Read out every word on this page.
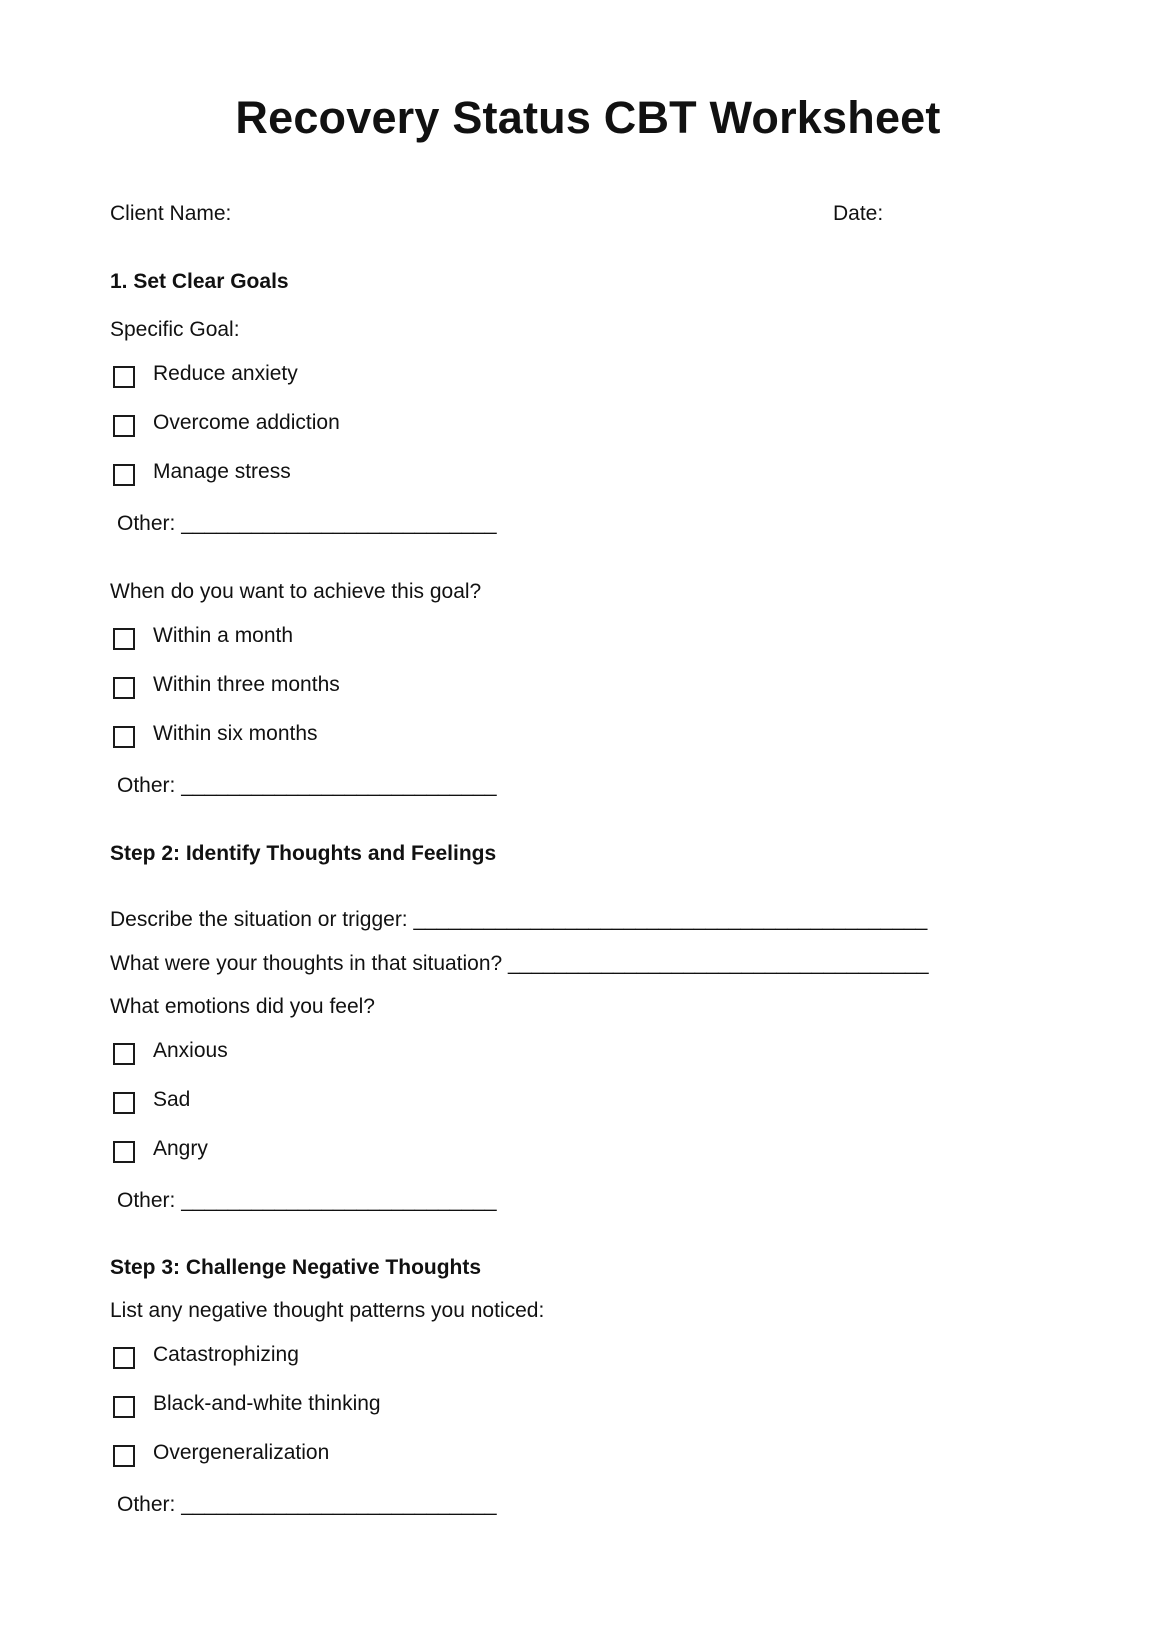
Recovery Status CBT Worksheet
Client Name:	Date:
1. Set Clear Goals
Specific Goal:
Reduce anxiety
Overcome addiction
Manage stress
Other: ___________________________
When do you want to achieve this goal?
Within a month
Within three months
Within six months
Other: ___________________________
Step 2: Identify Thoughts and Feelings
Describe the situation or trigger: ____________________________________________
What were your thoughts in that situation? ____________________________________
What emotions did you feel?
Anxious
Sad
Angry
Other: ___________________________
Step 3: Challenge Negative Thoughts
List any negative thought patterns you noticed:
Catastrophizing
Black-and-white thinking
Overgeneralization
Other: ___________________________
